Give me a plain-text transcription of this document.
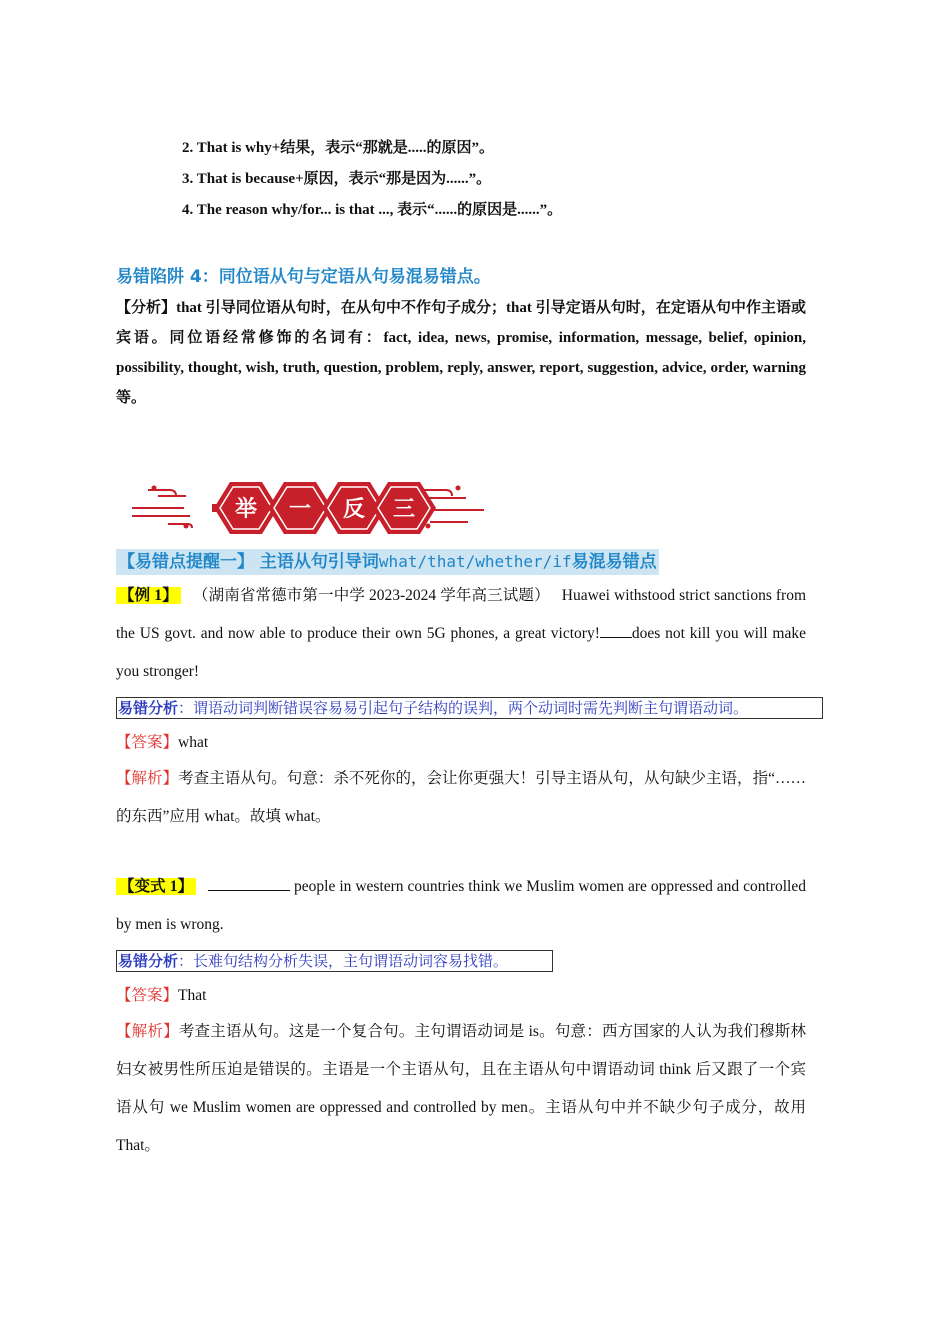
2. That is why+结果，表示“那就是.....的原因”。
3. That is because+原因，表示“那是因为......”。
4. The reason why/for... is that ..., 表示“......的原因是......”。
易错陷阱 4：同位语从句与定语从句易混易错点。

【分析】that 引导同位语从句时，在从句中不作句子成分；that 引导定语从句时，在定语从句中作主语或宾语。同位语经常修饰的名词有：fact, idea, news, promise, information, message, belief, opinion, possibility, thought, wish, truth, question, problem, reply, answer, report, suggestion, advice, order, warning 等。

举 一 反 三
【易错点提醒一】 主语从句引导词what/that/whether/if易混易错点

【例 1】 （湖南省常德市第一中学 2023-2024 学年高三试题） Huawei withstood strict sanctions from the US govt. and now able to produce their own 5G phones, a great victory! does not kill you will make you stronger!

易错分析：谓语动词判断错误容易易引起句子结构的误判，两个动词时需先判断主句谓语动词。
【答案】what

【解析】考查主语从句。句意：杀不死你的，会让你更强大！引导主语从句，从句缺少主语，指“……的东西”应用 what。故填 what。

【变式 1】	people in western countries think we Muslim women are oppressed and controlled by men is wrong.

易错分析：长难句结构分析失误，主句谓语动词容易找错。
【答案】That

【解析】考查主语从句。这是一个复合句。主句谓语动词是 is。句意：西方国家的人认为我们穆斯林妇女被男性所压迫是错误的。主语是一个主语从句，且在主语从句中谓语动词 think 后又跟了一个宾语从句 we Muslim women are oppressed and controlled by men。主语从句中并不缺少句子成分，故用 That。
